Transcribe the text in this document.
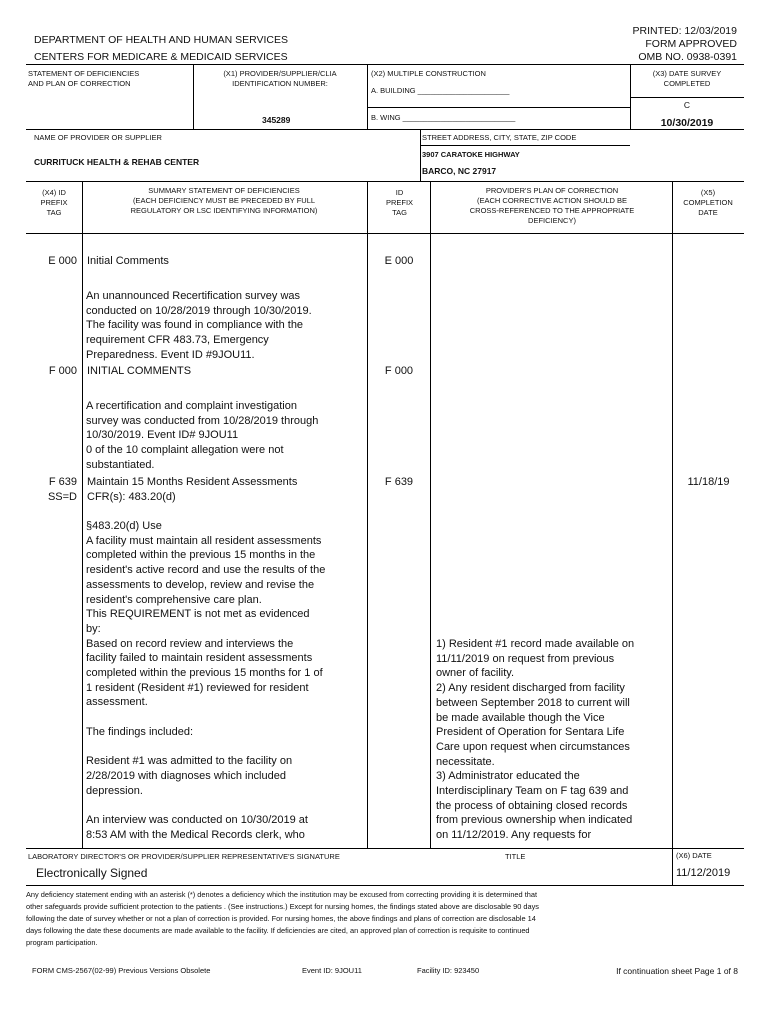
DEPARTMENT OF HEALTH AND HUMAN SERVICES
CENTERS FOR MEDICARE & MEDICAID SERVICES
PRINTED: 12/03/2019
FORM APPROVED
OMB NO. 0938-0391
STATEMENT OF DEFICIENCIES
AND PLAN OF CORRECTION
(X1) PROVIDER/SUPPLIER/CLIA
IDENTIFICATION NUMBER:
345289
(X2) MULTIPLE CONSTRUCTION
A. BUILDING ______________________
B. WING ___________________________
(X3) DATE SURVEY
COMPLETED
C
10/30/2019
NAME OF PROVIDER OR SUPPLIER
CURRITUCK HEALTH & REHAB CENTER
STREET ADDRESS, CITY, STATE, ZIP CODE
3907 CARATOKE HIGHWAY
BARCO, NC 27917
(X4) ID
PREFIX
TAG
SUMMARY STATEMENT OF DEFICIENCIES
(EACH DEFICIENCY MUST BE PRECEDED BY FULL
REGULATORY OR LSC IDENTIFYING INFORMATION)
ID
PREFIX
TAG
PROVIDER'S PLAN OF CORRECTION
(EACH CORRECTIVE ACTION SHOULD BE
CROSS-REFERENCED TO THE APPROPRIATE
DEFICIENCY)
(X5)
COMPLETION
DATE
E 000 Initial Comments	E 000
An unannounced Recertification survey was
conducted on 10/28/2019 through 10/30/2019.
The facility was found in compliance with the
requirement CFR 483.73, Emergency
Preparedness. Event ID #9JOU11.
F 000 INITIAL COMMENTS	F 000
A recertification and complaint investigation
survey was conducted from 10/28/2019 through
10/30/2019. Event ID# 9JOU11
0 of the 10 complaint allegation were not
substantiated.
F 639
SS=D
Maintain 15 Months Resident Assessments
CFR(s): 483.20(d)
F 639	11/18/19
§483.20(d) Use
A facility must maintain all resident assessments
completed within the previous 15 months in the
resident's active record and use the results of the
assessments to develop, review and revise the
resident's comprehensive care plan.
This REQUIREMENT is not met as evidenced
by:
Based on record review and interviews the
facility failed to maintain resident assessments
completed within the previous 15 months for 1 of
1 resident (Resident #1) reviewed for resident
assessment.

The findings included:

Resident #1 was admitted to the facility on
2/28/2019 with diagnoses which included
depression.

An interview was conducted on 10/30/2019 at
8:53 AM with the Medical Records clerk, who
1) Resident #1 record made available on
11/11/2019 on request from previous
owner of facility.
2) Any resident discharged from facility
between September 2018 to current will
be made available though the Vice
President of Operation for Sentara Life
Care upon request when circumstances
necessitate.
3) Administrator educated the
Interdisciplinary Team on F tag 639 and
the process of obtaining closed records
from previous ownership when indicated
on 11/12/2019. Any requests for
LABORATORY DIRECTOR'S OR PROVIDER/SUPPLIER REPRESENTATIVE'S SIGNATURE	TITLE	(X6) DATE
Electronically Signed	11/12/2019
Any deficiency statement ending with an asterisk (*) denotes a deficiency which the institution may be excused from correcting providing it is determined that
other safeguards provide sufficient protection to the patients . (See instructions.) Except for nursing homes, the findings stated above are disclosable 90 days
following the date of survey whether or not a plan of correction is provided. For nursing homes, the above findings and plans of correction are disclosable 14
days following the date these documents are made available to the facility. If deficiencies are cited, an approved plan of correction is requisite to continued
program participation.
FORM CMS-2567(02-99) Previous Versions Obsolete	Event ID: 9JOU11	Facility ID: 923450	If continuation sheet Page 1 of 8
